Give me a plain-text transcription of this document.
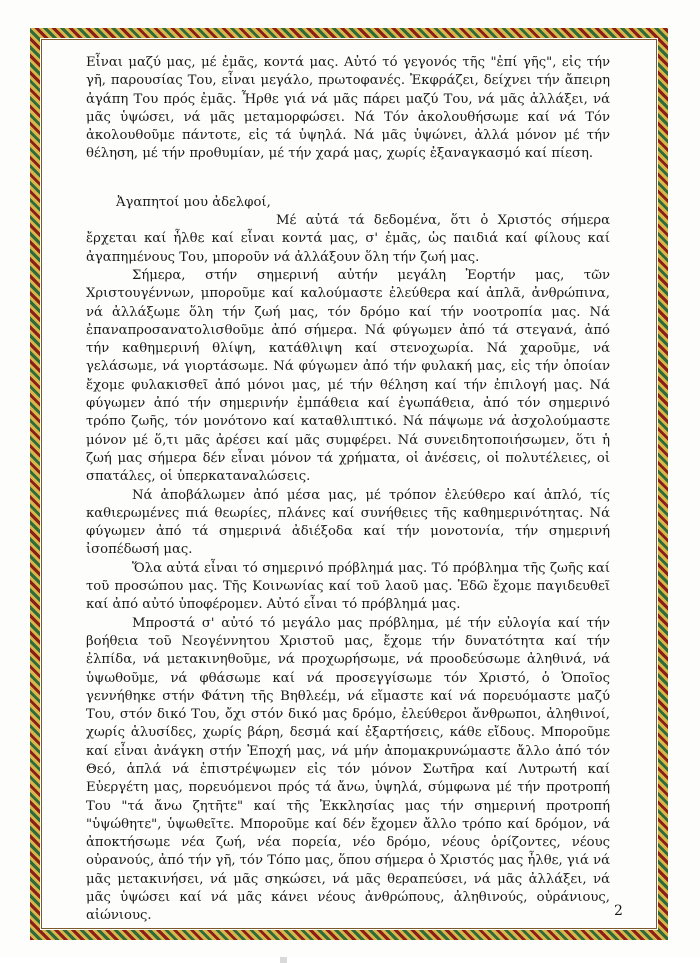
Εἶναι μαζύ μας, μέ ἐμᾶς, κοντά μας. Αὐτό τό γεγονός τῆς "ἐπί γῆς", εἰς τήν γῆ, παρουσίας Του, εἶναι μεγάλο, πρωτοφανές. Ἐκφράζει, δείχνει τήν ἄπειρη ἀγάπη Του πρός ἐμᾶς. Ἦρθε γιά νά μᾶς πάρει μαζύ Του, νά μᾶς ἀλλάξει, νά μᾶς ὑψώσει, νά μᾶς μεταμορφώσει. Νά Τόν ἀκολουθήσωμε καί νά Τόν ἀκολουθοῦμε πάντοτε, εἰς τά ὑψηλά. Νά μᾶς ὑψώνει, ἀλλά μόνον μέ τήν θέληση, μέ τήν προθυμίαν, μέ τήν χαρά μας, χωρίς ἐξαναγκασμό καί πίεση.

Ἀγαπητοί μου ἀδελφοί,

Μέ αὐτά τά δεδομένα, ὅτι ὁ Χριστός σήμερα ἔρχεται καί ἦλθε καί εἶναι κοντά μας, σ' ἐμᾶς, ὡς παιδιά καί φίλους καί ἀγαπημένους Του, μποροῦν νά ἀλλάξουν ὅλη τήν ζωή μας.

Σήμερα, στήν σημερινή αὐτήν μεγάλη Ἑορτήν μας, τῶν Χριστουγέννων, μποροῦμε καί καλούμαστε ἐλεύθερα καί ἁπλᾶ, ἀνθρώπινα, νά ἀλλάξωμε ὅλη τήν ζωή μας, τόν δρόμο καί τήν νοοτροπία μας. Νά ἐπαναπροσανατολισθοῦμε ἀπό σήμερα. Νά φύγωμεν ἀπό τά στεγανά, ἀπό τήν καθημερινή θλίψη, κατάθλιψη καί στενοχωρία. Νά χαροῦμε, νά γελάσωμε, νά γιορτάσωμε. Νά φύγωμεν ἀπό τήν φυλακή μας, εἰς τήν ὁποίαν ἔχομε φυλακισθεῖ ἀπό μόνοι μας, μέ τήν θέληση καί τήν ἐπιλογή μας. Νά φύγωμεν ἀπό τήν σημερινήν ἐμπάθεια καί ἐγωπάθεια, ἀπό τόν σημερινό τρόπο ζωῆς, τόν μονότονο καί καταθλιπτικό. Νά πάψωμε νά ἀσχολούμαστε μόνον μέ ὅ,τι μᾶς ἀρέσει καί μᾶς συμφέρει. Νά συνειδητοποιήσωμεν, ὅτι ἡ ζωή μας σήμερα δέν εἶναι μόνον τά χρήματα, οἱ ἀνέσεις, οἱ πολυτέλειες, οἱ σπατάλες, οἱ ὑπερκαταναλώσεις.

Νά ἀποβάλωμεν ἀπό μέσα μας, μέ τρόπον ἐλεύθερο καί ἁπλό, τίς καθιερωμένες πιά θεωρίες, πλάνες καί συνήθειες τῆς καθημερινότητας. Νά φύγωμεν ἀπό τά σημερινά ἀδιέξοδα καί τήν μονοτονία, τήν σημερινή ἰσοπέδωσή μας.

Ὅλα αὐτά εἶναι τό σημερινό πρόβλημά μας. Τό πρόβλημα τῆς ζωῆς καί τοῦ προσώπου μας. Τῆς Κοινωνίας καί τοῦ λαοῦ μας. Ἐδῶ ἔχομε παγιδευθεῖ καί ἀπό αὐτό ὑποφέρομεν. Αὐτό εἶναι τό πρόβλημά μας.

Μπροστά σ' αὐτό τό μεγάλο μας πρόβλημα, μέ τήν εὐλογία καί τήν βοήθεια τοῦ Νεογέννητου Χριστοῦ μας, ἔχομε τήν δυνατότητα καί τήν ἐλπίδα, νά μετακινηθοῦμε, νά προχωρήσωμε, νά προοδεύσωμε ἀληθινά, νά ὑψωθοῦμε, νά φθάσωμε καί νά προσεγγίσωμε τόν Χριστό, ὁ Ὁποῖος γεννήθηκε στήν Φάτνη τῆς Βηθλεέμ, νά εἴμαστε καί νά πορευόμαστε μαζύ Του, στόν δικό Του, ὄχι στόν δικό μας δρόμο, ἐλεύθεροι ἄνθρωποι, ἀληθινοί, χωρίς ἁλυσίδες, χωρίς βάρη, δεσμά καί ἐξαρτήσεις, κάθε εἴδους. Μποροῦμε καί εἶναι ἀνάγκη στήν Ἐποχή μας, νά μήν ἀπομακρυνώμαστε ἄλλο ἀπό τόν Θεό, ἁπλά νά ἐπιστρέψωμεν εἰς τόν μόνον Σωτῆρα καί Λυτρωτή καί Εὐεργέτη μας, πορευόμενοι πρός τά ἄνω, ὑψηλά, σύμφωνα μέ τήν προτροπή Του "τά ἄνω ζητῆτε" καί τῆς Ἐκκλησίας μας τήν σημερινή προτροπή "ὑψώθητε", ὑψωθεῖτε. Μποροῦμε καί δέν ἔχομεν ἄλλο τρόπο καί δρόμον, νά ἀποκτήσωμε νέα ζωή, νέα πορεία, νέο δρόμο, νέους ὁρίζοντες, νέους οὐρανούς, ἀπό τήν γῆ, τόν Τόπο μας, ὅπου σήμερα ὁ Χριστός μας ἦλθε, γιά νά μᾶς μετακινήσει, νά μᾶς σηκώσει, νά μᾶς θεραπεύσει, νά μᾶς ἀλλάξει, νά μᾶς ὑψώσει καί νά μᾶς κάνει νέους ἀνθρώπους, ἀληθινούς, οὐράνιους, αἰώνιους.	2
